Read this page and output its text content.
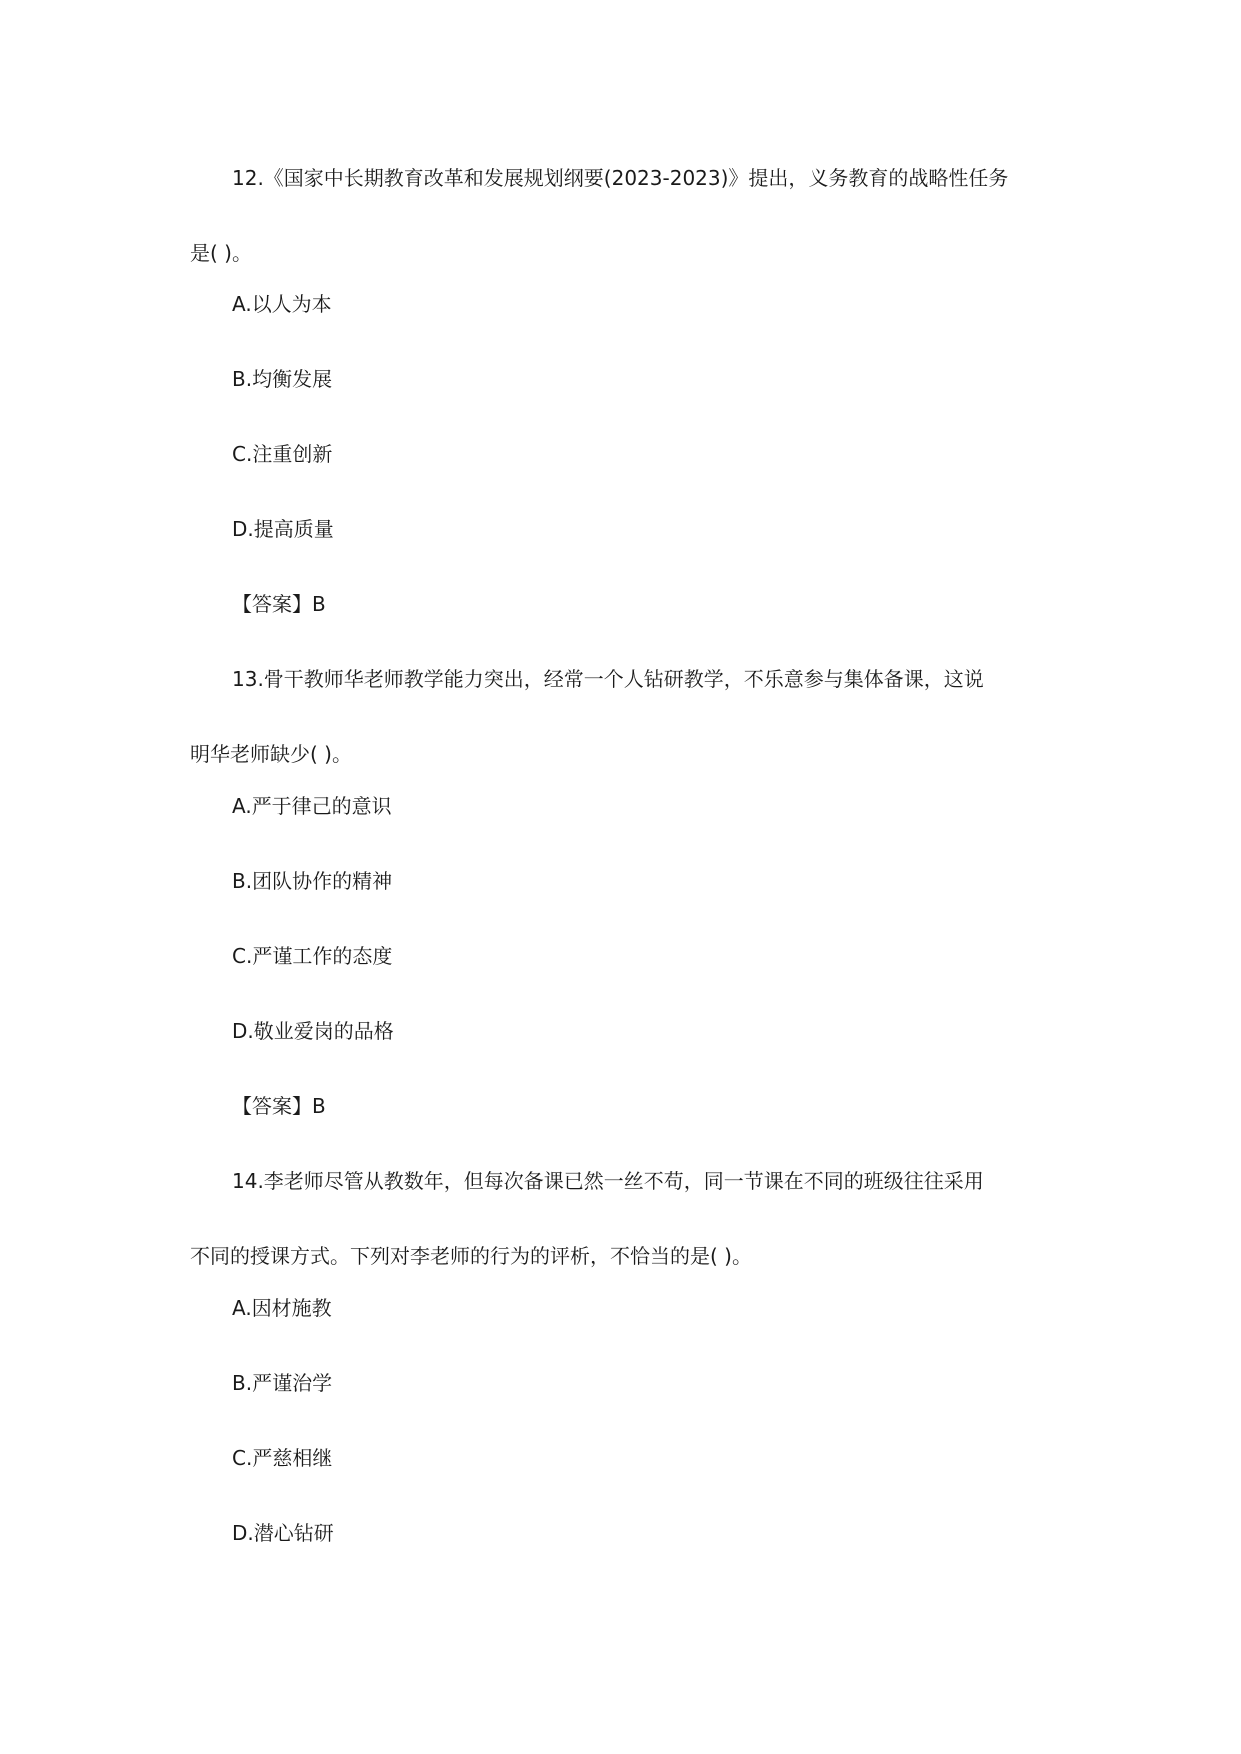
12.《国家中长期教育改革和发展规划纲要(2023-2023)》提出，义务教育的战略性任务
是( )。
A.以人为本
B.均衡发展
C.注重创新
D.提高质量
【答案】B
13.骨干教师华老师教学能力突出，经常一个人钻研教学，不乐意参与集体备课，这说
明华老师缺少( )。
A.严于律己的意识
B.团队协作的精神
C.严谨工作的态度
D.敬业爱岗的品格
【答案】B
14.李老师尽管从教数年，但每次备课已然一丝不苟，同一节课在不同的班级往往采用
不同的授课方式。下列对李老师的行为的评析，不恰当的是( )。
A.因材施教
B.严谨治学
C.严慈相继
D.潜心钻研
